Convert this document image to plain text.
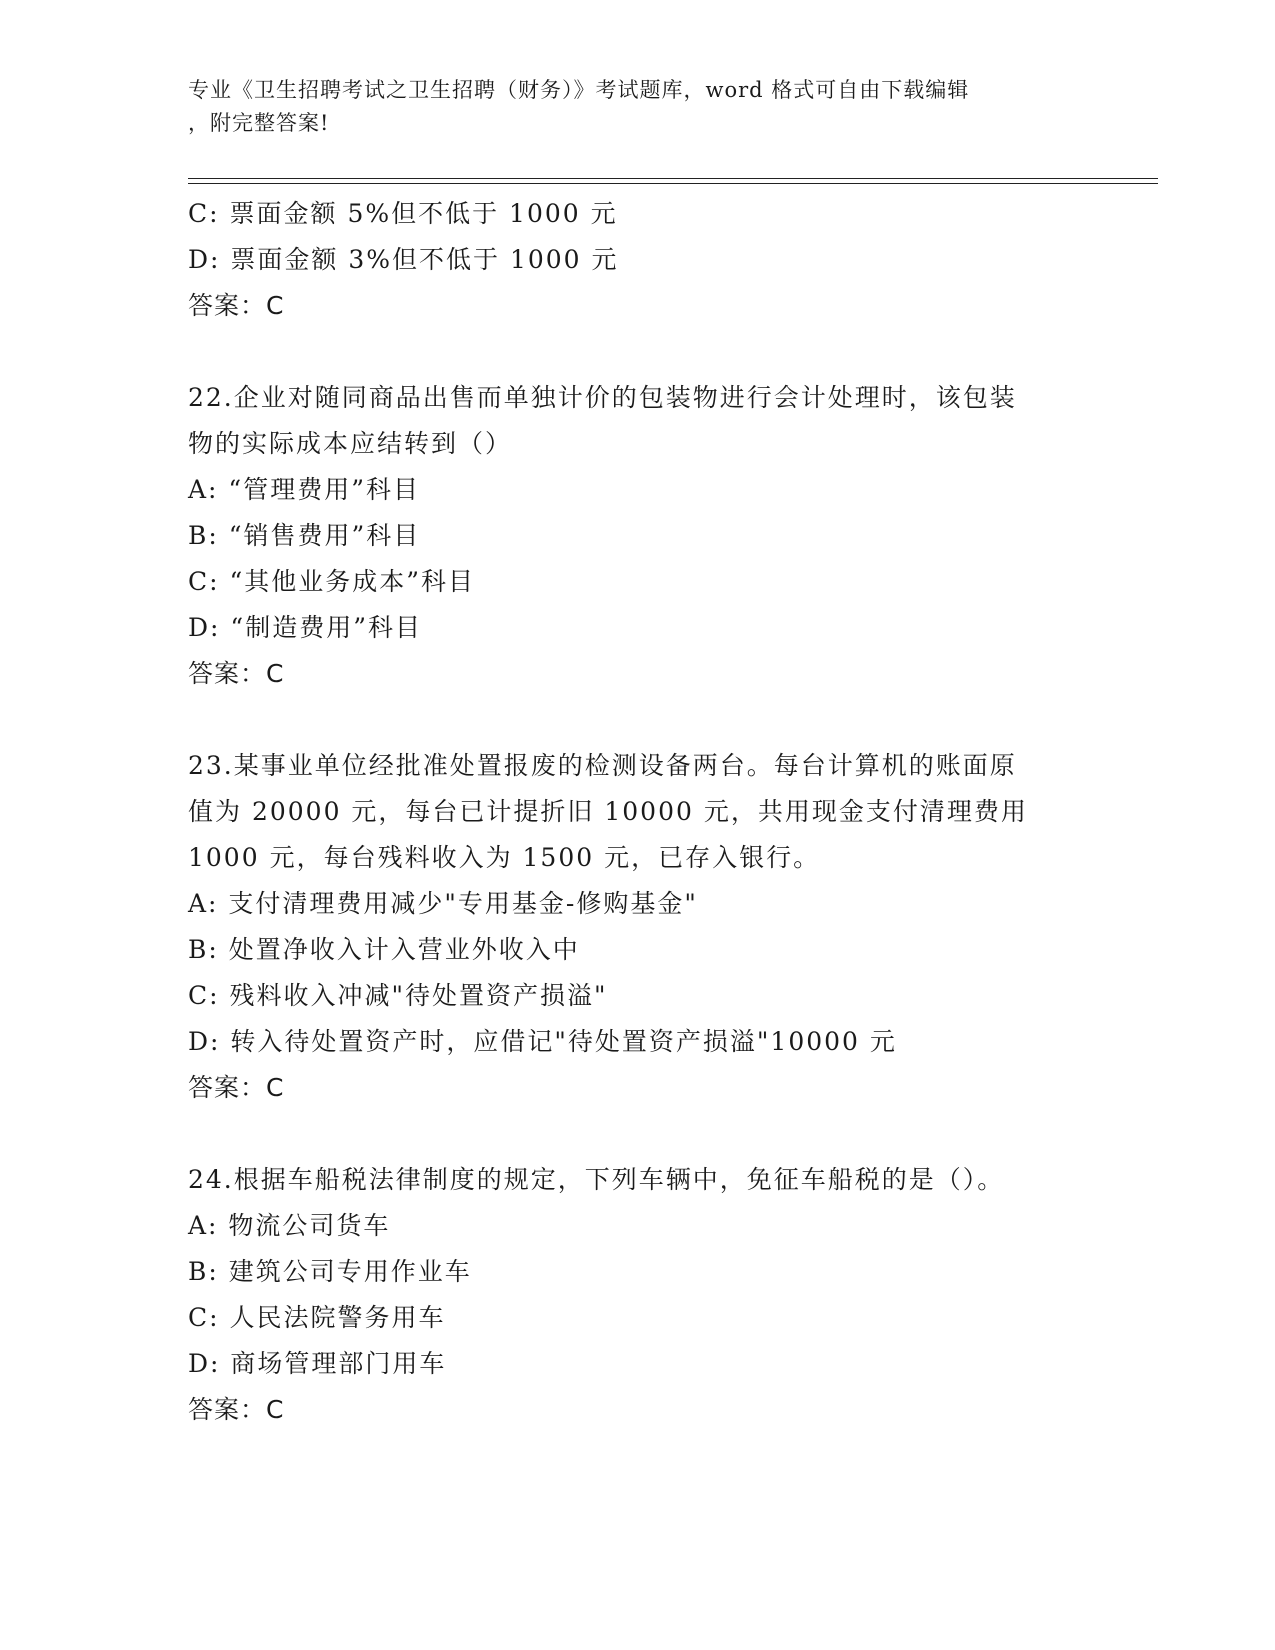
专业《卫生招聘考试之卫生招聘（财务）》考试题库，word 格式可自由下载编辑
，附完整答案!
C: 票面金额 5%但不低于 1000 元
D: 票面金额 3%但不低于 1000 元
答案：C
22.企业对随同商品出售而单独计价的包装物进行会计处理时，该包装
物的实际成本应结转到（）
A: “管理费用”科目
B: “销售费用”科目
C: “其他业务成本”科目
D: “制造费用”科目
答案：C
23.某事业单位经批准处置报废的检测设备两台。每台计算机的账面原
值为 20000 元，每台已计提折旧 10000 元，共用现金支付清理费用
1000 元，每台残料收入为 1500 元，已存入银行。
A: 支付清理费用减少"专用基金-修购基金"
B: 处置净收入计入营业外收入中
C: 残料收入冲减"待处置资产损溢"
D: 转入待处置资产时，应借记"待处置资产损溢"10000 元
答案：C
24.根据车船税法律制度的规定，下列车辆中，免征车船税的是（）。
A: 物流公司货车
B: 建筑公司专用作业车
C: 人民法院警务用车
D: 商场管理部门用车
答案：C
